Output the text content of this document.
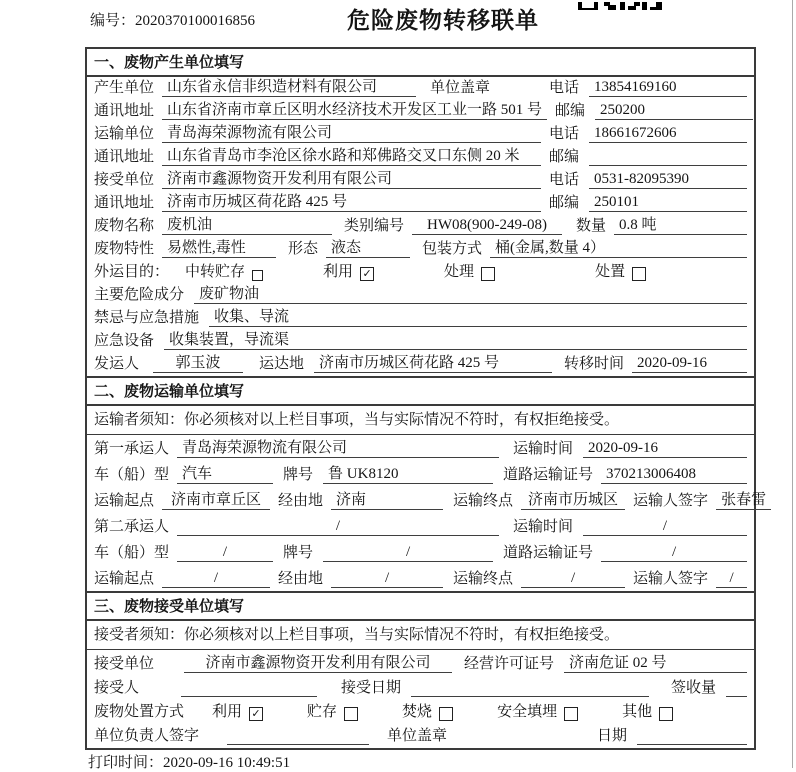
编号：2020370100016856	危险废物转移联单
一、废物产生单位填写
产生单位 山东省永信非织造材料有限公司	单位盖章	电话	13854169160
通讯地址 山东省济南市章丘区明水经济技术开发区工业一路 501 号 邮编	250200
运输单位 青岛海荣源物流有限公司	电话	18661672606
通讯地址 山东省青岛市李沧区徐水路和郑佛路交叉口东侧 20 米	邮编
接受单位 济南市鑫源物资开发利用有限公司	电话	0531-82095390
通讯地址 济南市历城区荷花路 425 号	邮编	250101
废物名称 废机油	类别编号	HW08(900-249-08)	数量 0.8 吨
废物特性 易燃性,毒性	形态 液态	包装方式 桶(金属,数量 4）
外运目的： 中转贮存	利用 ✓	处理	处置
主要危险成分	废矿物油
禁忌与应急措施	收集、导流
应急设备	收集装置，导流渠
发运人	郭玉波	运达地	济南市历城区荷花路 425 号	转移时间 2020-09-16
二、废物运输单位填写
运输者须知：你必须核对以上栏目事项，当与实际情况不符时，有权拒绝接受。
第一承运人 青岛海荣源物流有限公司	运输时间	2020-09-16
车（船）型 汽车	牌号	鲁 UK8120	道路运输证号 370213006408
运输起点	济南市章丘区	经由地 济南	运输终点 济南市历城区	运输人签字 张春雷
第二承运人	/	运输时间	/
车（船）型	/	牌号	/	道路运输证号	/
运输起点	/	经由地	/	运输终点	/	运输人签字	/
三、废物接受单位填写
接受者须知：你必须核对以上栏目事项，当与实际情况不符时，有权拒绝接受。
接受单位	济南市鑫源物资开发利用有限公司	经营许可证号	济南危证 02 号
接受人	接受日期	签收量
废物处置方式 利用 ✓	贮存	焚烧	安全填埋	其他
单位负责人签字	单位盖章	日期
打印时间：2020-09-16 10:49:51
